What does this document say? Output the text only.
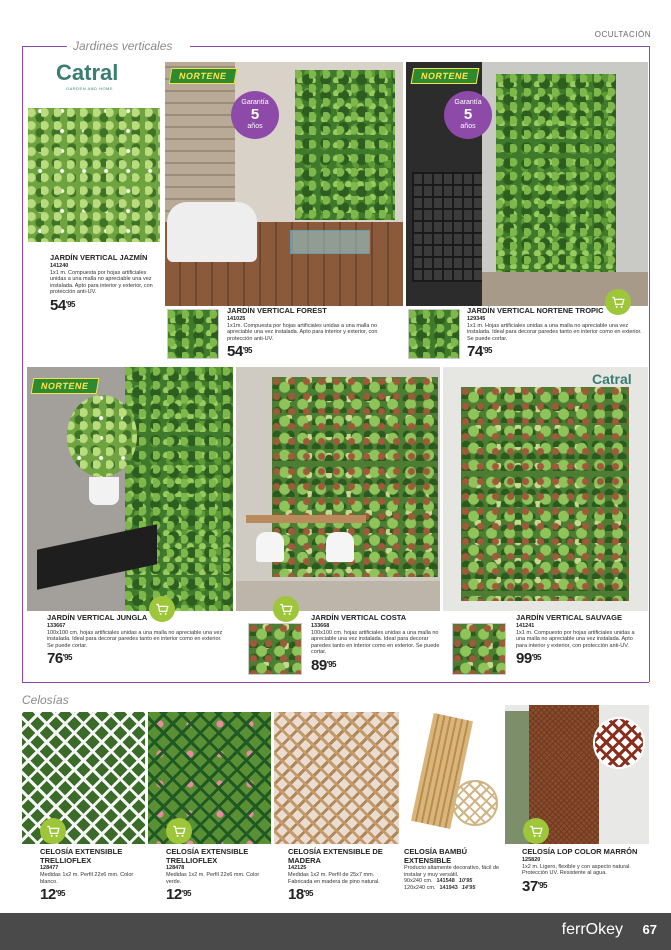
OCULTACIÓN
Jardines verticales
Catral
GARDEN AND HOME
JARDÍN VERTICAL JAZMÍN
141240
1x1 m. Compuesta por hojas artificiales unidas a una malla no apreciable una vez instalada. Apto para interior y exterior, con protección anti-UV.
$54^{'95}$
NORTENE
Garantía
5
años
JARDÍN VERTICAL FOREST
141025
1x1m. Compuesta por hojas artificiales unidas a una malla no apreciable una vez instalada. Apto para interior y exterior, con protección anti-UV.
$54^{'95}$
NORTENE
Garantía
5
años
JARDÍN VERTICAL NORTENE TROPIC
129345
1x1 m. Hojas artificiales unidas a una malla no apreciable una vez instalada. Ideal para decorar paredes tanto en interior como en exterior. Se puede cortar.
$74^{'95}$
NORTENE
JARDÍN VERTICAL JUNGLA
133667
100x100 cm. hojas artificiales unidas a una malla no apreciable una vez instalada. Ideal para decorar paredes tanto en interior como en exterior. Se puede cortar.
$76^{'95}$
JARDÍN VERTICAL COSTA
133668
100x100 cm. hojas artificiales unidas a una malla no apreciable una vez instalada. Ideal para decorar paredes tanto en interior como en exterior. Se puede cortar.
$89^{'95}$
Catral
JARDÍN VERTICAL SAUVAGE
141241
1x1 m. Compuesto por hojas artificiales unidas a una malla no apreciable una vez instalada. Apto para interior y exterior, con protección anti-UV.
$99^{'95}$
Celosías
CELOSÍA EXTENSIBLE TRELLIOFLEX
128477
Medidas 1x2 m. Perfil 22x6 mm. Color blanco.
$12^{'95}$
CELOSÍA EXTENSIBLE TRELLIOFLEX
128478
Medidas 1x2 m. Perfil 22x6 mm. Color verde.
$12^{'95}$
CELOSÍA EXTENSIBLE DE MADERA
142125
Medidas 1x2 m. Perfil de 25x7 mm. Fabricada en madera de pino natural.
$18^{'95}$
CELOSÍA BAMBÚ EXTENSIBLE
Producto altamente decorativo, fácil de instalar y muy versátil.
90x240 cm. 141548 10'95
120x240 cm. 141943 14'95
CELOSÍA LOP COLOR MARRÓN
125820
1x2 m. Ligero, flexible y con aspecto natural. Protección UV. Resistente al agua.
$37^{'95}$
ferrOkey 67
